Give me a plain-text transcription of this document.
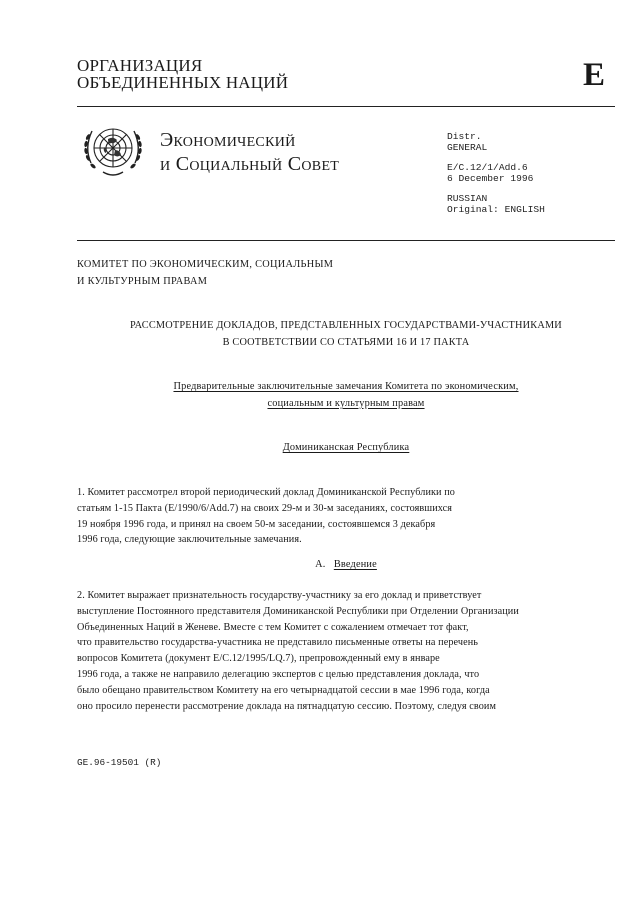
ОРГАНИЗАЦИЯ
ОБЪЕДИНЕННЫХ НАЦИЙ	E
Экономический
и Социальный Совет
Distr.
GENERAL
E/C.12/1/Add.6
6 December 1996
RUSSIAN
Original: ENGLISH
КОМИТЕТ ПО ЭКОНОМИЧЕСКИМ, СОЦИАЛЬНЫМ
И КУЛЬТУРНЫМ ПРАВАМ
РАССМОТРЕНИЕ ДОКЛАДОВ, ПРЕДСТАВЛЕННЫХ ГОСУДАРСТВАМИ-УЧАСТНИКАМИ
В СООТВЕТСТВИИ СО СТАТЬЯМИ 16 И 17 ПАКТА
Предварительные заключительные замечания Комитета по экономическим,
социальным и культурным правам
Доминиканская Республика
1. Комитет рассмотрел второй периодический доклад Доминиканской Республики по
статьям 1-15 Пакта (E/1990/6/Add.7) на своих 29-м и 30-м заседаниях, состоявшихся
19 ноября 1996 года, и принял на своем 50-м заседании, состоявшемся 3 декабря
1996 года, следующие заключительные замечания.
A. Введение
2. Комитет выражает признательность государству-участнику за его доклад и приветствует
выступление Постоянного представителя Доминиканской Республики при Отделении Организации
Объединенных Наций в Женеве. Вместе с тем Комитет с сожалением отмечает тот факт,
что правительство государства-участника не представило письменные ответы на перечень
вопросов Комитета (документ E/C.12/1995/LQ.7), препровожденный ему в январе
1996 года, а также не направило делегацию экспертов с целью представления доклада, что
было обещано правительством Комитету на его четырнадцатой сессии в мае 1996 года, когда
оно просило перенести рассмотрение доклада на пятнадцатую сессию. Поэтому, следуя своим
GE.96-19501 (R)
